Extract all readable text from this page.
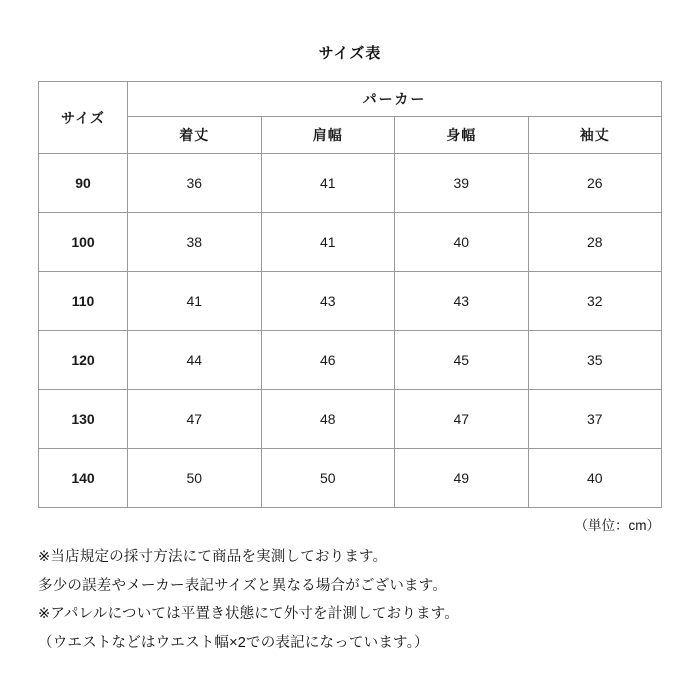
サイズ表
サイズ	パーカー			
	着丈	肩幅	身幅	袖丈
90	36	41	39	26
100	38	41	40	28
110	41	43	43	32
120	44	46	45	35
130	47	48	47	37
140	50	50	49	40
（単位：cm）

※当店規定の採寸方法にて商品を実測しております。

多少の誤差やメーカー表記サイズと異なる場合がございます。

※アパレルについては平置き状態にて外寸を計測しております。

（ウエストなどはウエスト幅×2での表記になっています。）
